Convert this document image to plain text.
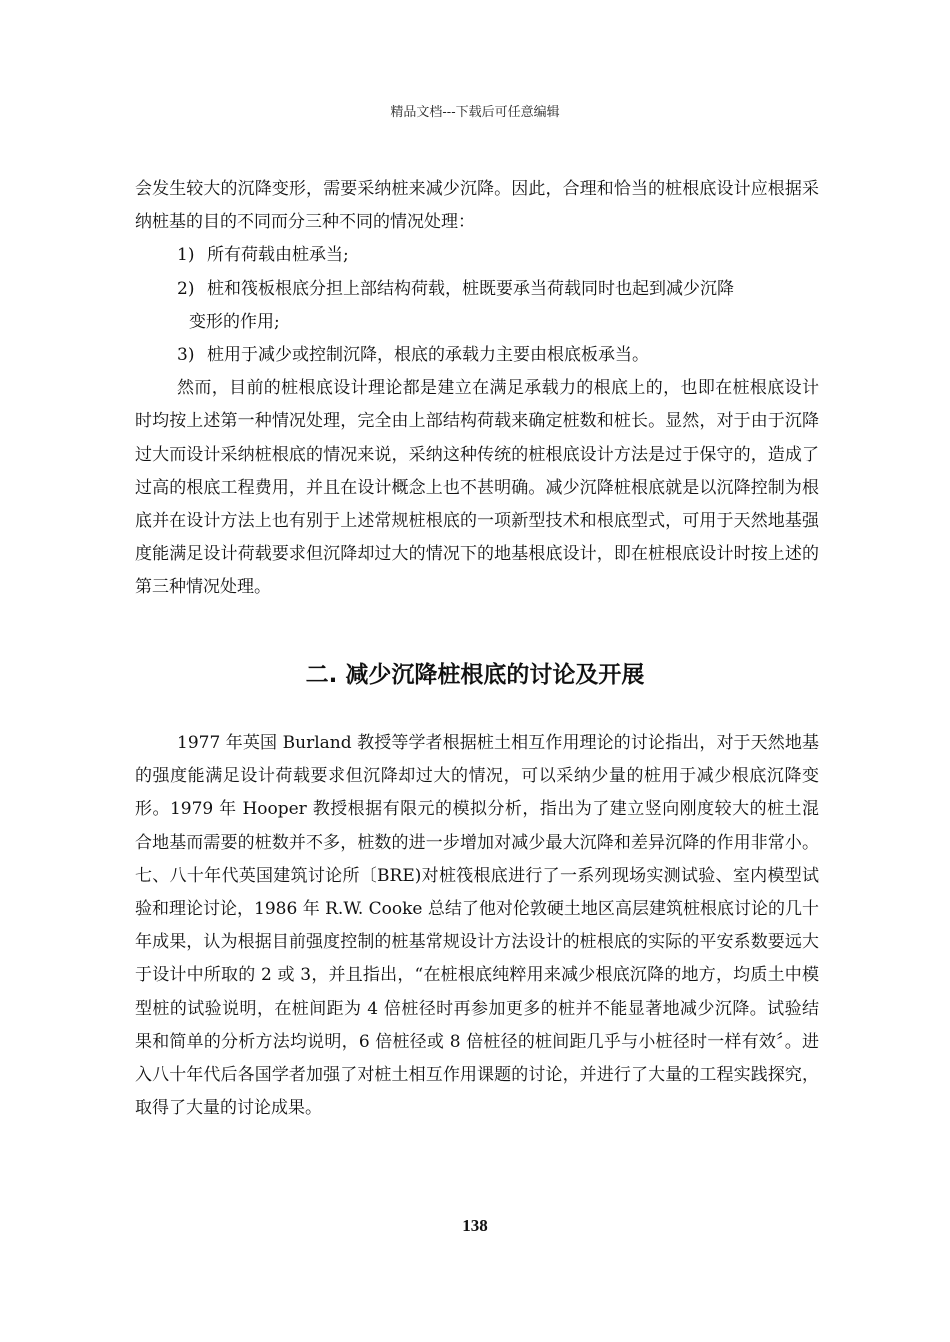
精品文档---下载后可任意编辑

会发生较大的沉降变形，需要采纳桩来减少沉降。因此，合理和恰当的桩根底设计应根据采纳桩基的目的不同而分三种不同的情况处理：

1) 所有荷载由桩承当;

2) 桩和筏板根底分担上部结构荷载，桩既要承当荷载同时也起到减少沉降
变形的作用;

3) 桩用于减少或控制沉降，根底的承载力主要由根底板承当。

然而，目前的桩根底设计理论都是建立在满足承载力的根底上的，也即在桩根底设计时均按上述第一种情况处理，完全由上部结构荷载来确定桩数和桩长。显然，对于由于沉降过大而设计采纳桩根底的情况来说，采纳这种传统的桩根底设计方法是过于保守的，造成了过高的根底工程费用，并且在设计概念上也不甚明确。减少沉降桩根底就是以沉降控制为根底并在设计方法上也有别于上述常规桩根底的一项新型技术和根底型式，可用于天然地基强度能满足设计荷载要求但沉降却过大的情况下的地基根底设计，即在桩根底设计时按上述的第三种情况处理。

二. 减少沉降桩根底的讨论及开展

1977 年英国 Burland 教授等学者根据桩土相互作用理论的讨论指出，对于天然地基的强度能满足设计荷载要求但沉降却过大的情况，可以采纳少量的桩用于减少根底沉降变形。1979 年 Hooper 教授根据有限元的模拟分析，指出为了建立竖向刚度较大的桩土混合地基而需要的桩数并不多，桩数的进一步增加对减少最大沉降和差异沉降的作用非常小。七、八十年代英国建筑讨论所〔BRE)对桩筏根底进行了一系列现场实测试验、室内模型试验和理论讨论，1986 年 R.W. Cooke 总结了他对伦敦硬土地区高层建筑桩根底讨论的几十年成果，认为根据目前强度控制的桩基常规设计方法设计的桩根底的实际的平安系数要远大于设计中所取的 2 或 3，并且指出，“在桩根底纯粹用来减少根底沉降的地方，均质土中模型桩的试验说明，在桩间距为 4 倍桩径时再参加更多的桩并不能显著地减少沉降。试验结果和简单的分析方法均说明，6 倍桩径或 8 倍桩径的桩间距几乎与小桩径时一样有效〞。进入八十年代后各国学者加强了对桩土相互作用课题的讨论，并进行了大量的工程实践探究，取得了大量的讨论成果。

138
